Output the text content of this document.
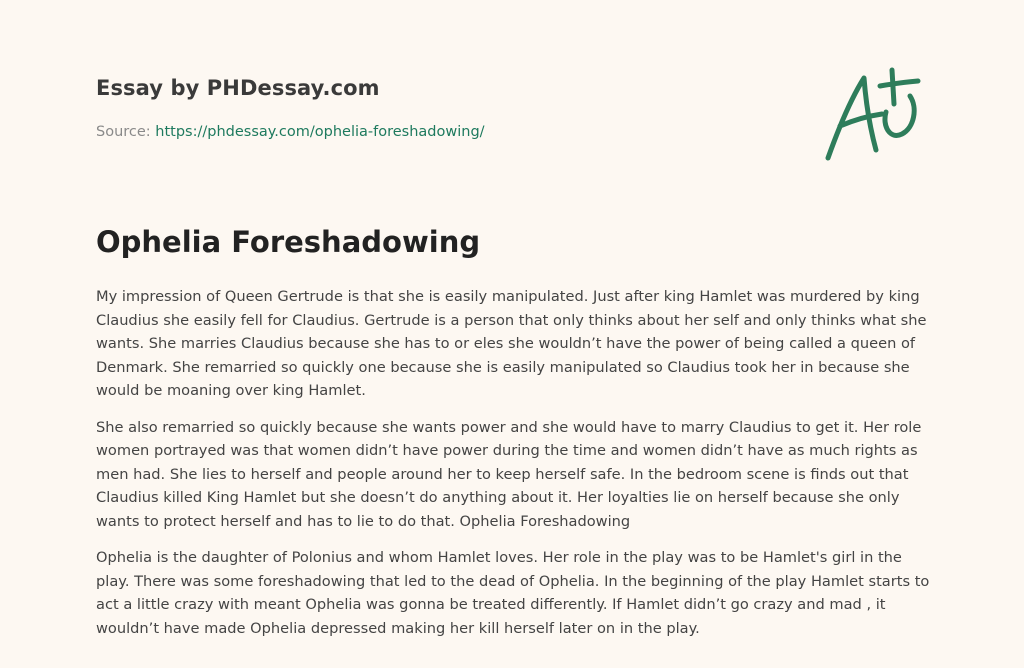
Essay by PHDessay.com

Source: https://phdessay.com/ophelia-foreshadowing/
Ophelia Foreshadowing

My impression of Queen Gertrude is that she is easily manipulated. Just after king Hamlet was murdered by king Claudius she easily fell for Claudius. Gertrude is a person that only thinks about her self and only thinks what she wants. She marries Claudius because she has to or eles she wouldn’t have the power of being called a queen of Denmark. She remarried so quickly one because she is easily manipulated so Claudius took her in because she would be moaning over king Hamlet.

She also remarried so quickly because she wants power and she would have to marry Claudius to get it. Her role women portrayed was that women didn’t have power during the time and women didn’t have as much rights as men had. She lies to herself and people around her to keep herself safe. In the bedroom scene is finds out that Claudius killed King Hamlet but she doesn’t do anything about it. Her loyalties lie on herself because she only wants to protect herself and has to lie to do that. Ophelia Foreshadowing

Ophelia is the daughter of Polonius and whom Hamlet loves. Her role in the play was to be Hamlet's girl in the play. There was some foreshadowing that led to the dead of Ophelia. In the beginning of the play Hamlet starts to act a little crazy with meant Ophelia was gonna be treated differently. If Hamlet didn’t go crazy and mad , it wouldn’t have made Ophelia depressed making her kill herself later on in the play.
